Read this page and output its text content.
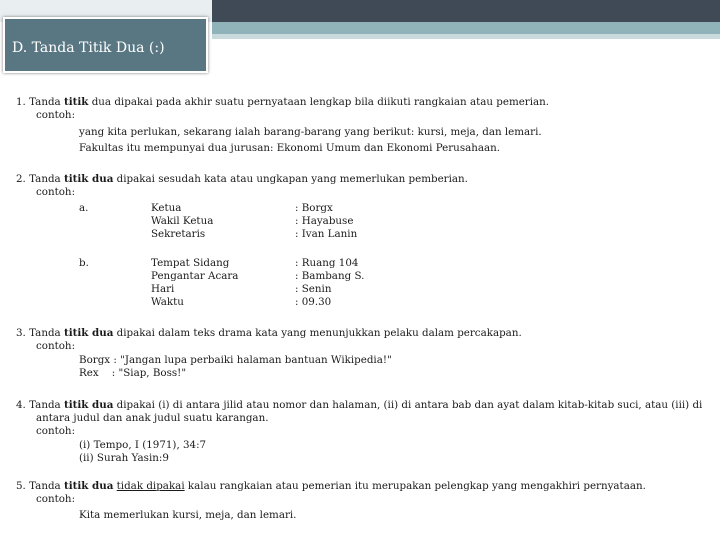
D. Tanda Titik Dua (:)
1. Tanda titik dua dipakai pada akhir suatu pernyataan lengkap bila diikuti rangkaian atau pemerian.
contoh:
yang kita perlukan, sekarang ialah barang-barang yang berikut: kursi, meja, dan lemari.
Fakultas itu mempunyai dua jurusan: Ekonomi Umum dan Ekonomi Perusahaan.
2. Tanda titik dua dipakai sesudah kata atau ungkapan yang memerlukan pemberian.
contoh:
a.	Ketua	: Borgx
Wakil Ketua	: Hayabuse
Sekretaris	: Ivan Lanin
b.	Tempat Sidang	: Ruang 104
Pengantar Acara	: Bambang S.
Hari	: Senin
Waktu	: 09.30
3. Tanda titik dua dipakai dalam teks drama kata yang menunjukkan pelaku dalam percakapan.
contoh:
Borgx : "Jangan lupa perbaiki halaman bantuan Wikipedia!"
Rex    : "Siap, Boss!"
4. Tanda titik dua dipakai (i) di antara jilid atau nomor dan halaman, (ii) di antara bab dan ayat dalam kitab-kitab suci, atau (iii) di
antara judul dan anak judul suatu karangan.
contoh:
(i) Tempo, I (1971), 34:7
(ii) Surah Yasin:9
5. Tanda titik dua tidak dipakai kalau rangkaian atau pemerian itu merupakan pelengkap yang mengakhiri pernyataan.
contoh:
Kita memerlukan kursi, meja, dan lemari.
